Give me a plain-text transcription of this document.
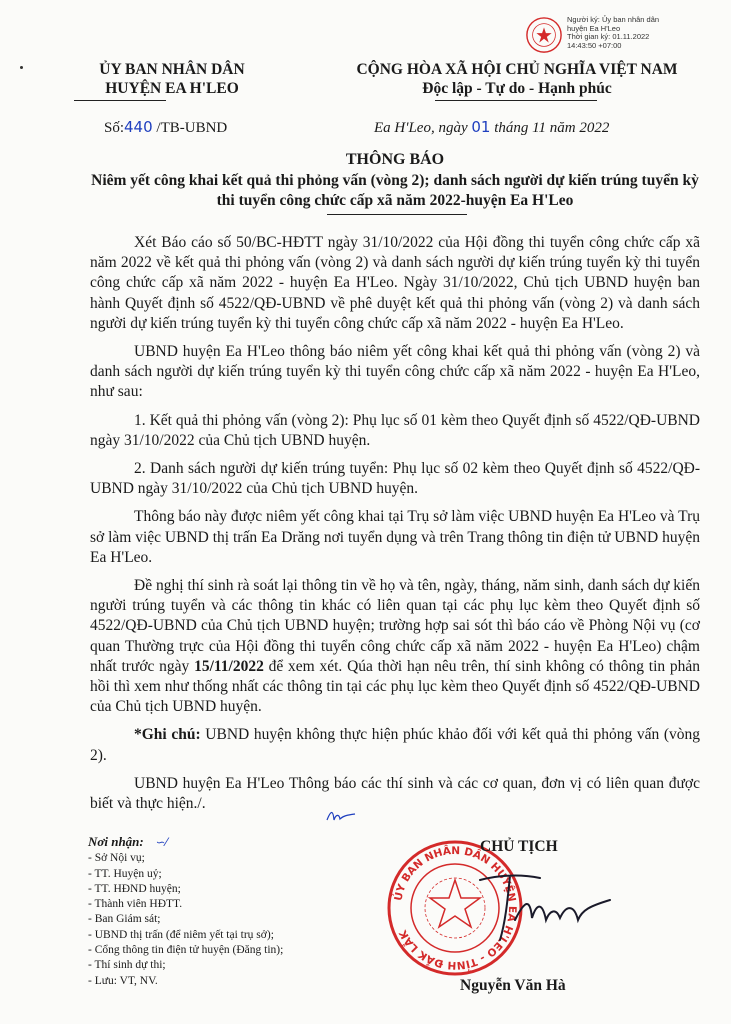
Người ký: Ủy ban nhân dân
huyện Ea H'Leo
Thời gian ký: 01.11.2022
14:43:50 +07:00
ỦY BAN NHÂN DÂN
HUYỆN EA H'LEO
CỘNG HÒA XÃ HỘI CHỦ NGHĨA VIỆT NAM
Độc lập - Tự do - Hạnh phúc
Số:440 /TB-UBND	Ea H'Leo, ngày 01 tháng 11 năm 2022
THÔNG BÁO
Niêm yết công khai kết quả thi phỏng vấn (vòng 2); danh sách người dự kiến trúng tuyển kỳ thi tuyển công chức cấp xã năm 2022-huyện Ea H'Leo

Xét Báo cáo số 50/BC-HĐTT ngày 31/10/2022 của Hội đồng thi tuyển công chức cấp xã năm 2022 về kết quả thi phỏng vấn (vòng 2) và danh sách người dự kiến trúng tuyển kỳ thi tuyển công chức cấp xã năm 2022 - huyện Ea H'Leo. Ngày 31/10/2022, Chủ tịch UBND huyện ban hành Quyết định số 4522/QĐ-UBND về phê duyệt kết quả thi phỏng vấn (vòng 2) và danh sách người dự kiến trúng tuyển kỳ thi tuyển công chức cấp xã năm 2022 - huyện Ea H'Leo.

UBND huyện Ea H'Leo thông báo niêm yết công khai kết quả thi phỏng vấn (vòng 2) và danh sách người dự kiến trúng tuyển kỳ thi tuyển công chức cấp xã năm 2022 - huyện Ea H'Leo, như sau:

1. Kết quả thi phỏng vấn (vòng 2): Phụ lục số 01 kèm theo Quyết định số 4522/QĐ-UBND ngày 31/10/2022 của Chủ tịch UBND huyện.

2. Danh sách người dự kiến trúng tuyển: Phụ lục số 02 kèm theo Quyết định số 4522/QĐ-UBND ngày 31/10/2022 của Chủ tịch UBND huyện.

Thông báo này được niêm yết công khai tại Trụ sở làm việc UBND huyện Ea H'Leo và Trụ sở làm việc UBND thị trấn Ea Drăng nơi tuyển dụng và trên Trang thông tin điện tử UBND huyện Ea H'Leo.

Đề nghị thí sinh rà soát lại thông tin về họ và tên, ngày, tháng, năm sinh, danh sách dự kiến người trúng tuyển và các thông tin khác có liên quan tại các phụ lục kèm theo Quyết định số 4522/QĐ-UBND của Chủ tịch UBND huyện; trường hợp sai sót thì báo cáo về Phòng Nội vụ (cơ quan Thường trực của Hội đồng thi tuyển công chức cấp xã năm 2022 - huyện Ea H'Leo) chậm nhất trước ngày 15/11/2022 để xem xét. Qúa thời hạn nêu trên, thí sinh không có thông tin phản hồi thì xem như thống nhất các thông tin tại các phụ lục kèm theo Quyết định số 4522/QĐ-UBND của Chủ tịch UBND huyện.

*Ghi chú: UBND huyện không thực hiện phúc khảo đối với kết quả thi phỏng vấn (vòng 2).

UBND huyện Ea H'Leo Thông báo các thí sinh và các cơ quan, đơn vị có liên quan được biết và thực hiện./.

Nơi nhận: ∽⁄
- Sở Nội vụ;
- TT. Huyện uỷ;
- TT. HĐND huyện;
- Thành viên HĐTT.
- Ban Giám sát;
- UBND thị trấn (để niêm yết tại trụ sở);
- Cổng thông tin điện tử huyện (Đăng tin);
- Thí sinh dự thi;
- Lưu: VT, NV.
ỦY BAN NHÂN DÂN HUYỆN EA H'LEO - TỈNH ĐẮK LẮK
CHỦ TỊCH
Nguyễn Văn Hà
